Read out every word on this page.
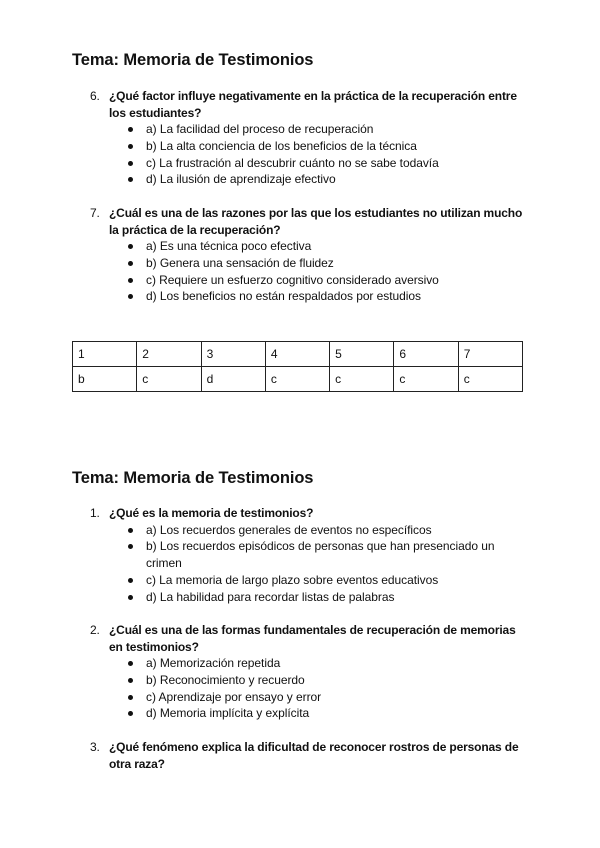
Tema: Memoria de Testimonios
6. ¿Qué factor influye negativamente en la práctica de la recuperación entre los estudiantes?
a) La facilidad del proceso de recuperación
b) La alta conciencia de los beneficios de la técnica
c) La frustración al descubrir cuánto no se sabe todavía
d) La ilusión de aprendizaje efectivo
7. ¿Cuál es una de las razones por las que los estudiantes no utilizan mucho la práctica de la recuperación?
a) Es una técnica poco efectiva
b) Genera una sensación de fluidez
c) Requiere un esfuerzo cognitivo considerado aversivo
d) Los beneficios no están respaldados por estudios
1	2	3	4	5	6	7
b	c	d	c	c	c	c
Tema: Memoria de Testimonios
1. ¿Qué es la memoria de testimonios?
a) Los recuerdos generales de eventos no específicos
b) Los recuerdos episódicos de personas que han presenciado un crimen
c) La memoria de largo plazo sobre eventos educativos
d) La habilidad para recordar listas de palabras
2. ¿Cuál es una de las formas fundamentales de recuperación de memorias en testimonios?
a) Memorización repetida
b) Reconocimiento y recuerdo
c) Aprendizaje por ensayo y error
d) Memoria implícita y explícita
3. ¿Qué fenómeno explica la dificultad de reconocer rostros de personas de otra raza?
